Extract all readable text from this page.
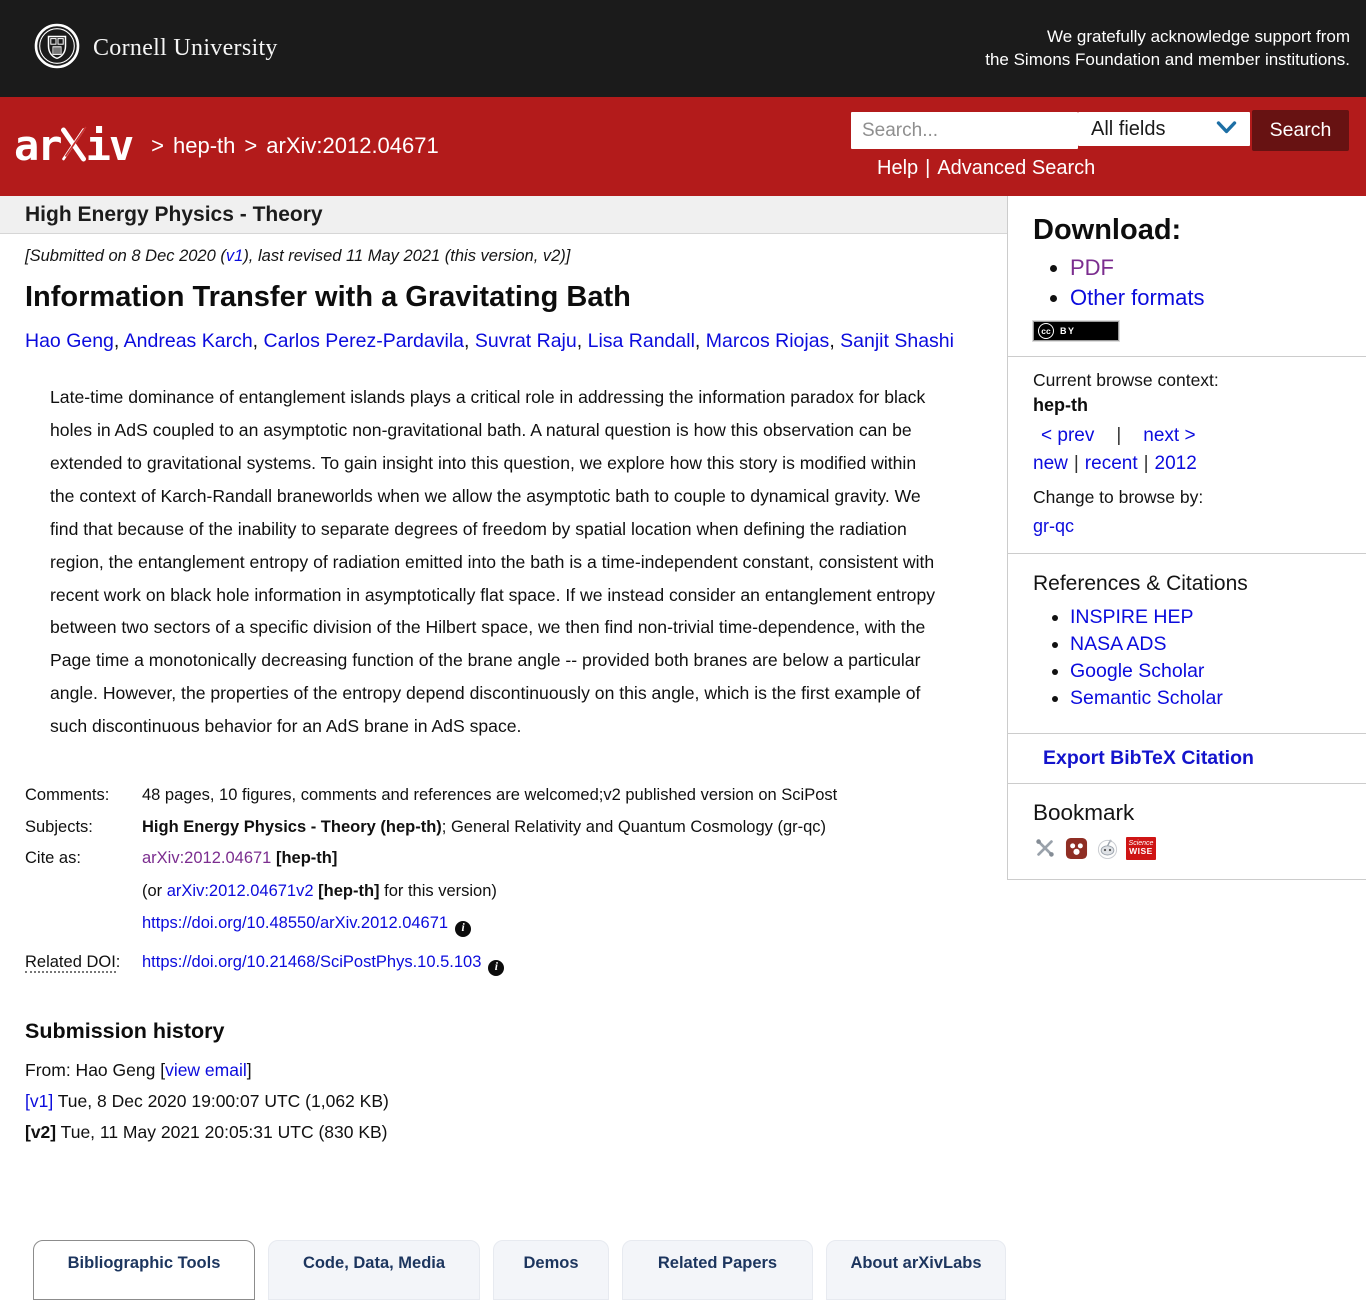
Cornell University	We gratefully acknowledge support from
the Simons Foundation and member institutions.
ar iv > hep-th > arXiv:2012.04671
Search...
All fields	Search
Help | Advanced Search
High Energy Physics - Theory
[Submitted on 8 Dec 2020 (v1), last revised 11 May 2021 (this version, v2)]
Information Transfer with a Gravitating Bath
Hao Geng, Andreas Karch, Carlos Perez-Pardavila, Suvrat Raju, Lisa Randall, Marcos Riojas, Sanjit Shashi
Late-time dominance of entanglement islands plays a critical role in addressing the information paradox for black holes in AdS coupled to an asymptotic non-gravitational bath. A natural question is how this observation can be extended to gravitational systems. To gain insight into this question, we explore how this story is modified within the context of Karch-Randall braneworlds when we allow the asymptotic bath to couple to dynamical gravity. We find that because of the inability to separate degrees of freedom by spatial location when defining the radiation region, the entanglement entropy of radiation emitted into the bath is a time-independent constant, consistent with recent work on black hole information in asymptotically flat space. If we instead consider an entanglement entropy between two sectors of a specific division of the Hilbert space, we then find non-trivial time-dependence, with the Page time a monotonically decreasing function of the brane angle -- provided both branes are below a particular angle. However, the properties of the entropy depend discontinuously on this angle, which is the first example of such discontinuous behavior for an AdS brane in AdS space.
Comments:	48 pages, 10 figures, comments and references are welcomed;v2 published version on SciPost
Subjects:	High Energy Physics - Theory (hep-th); General Relativity and Quantum Cosmology (gr-qc)
Cite as:	arXiv:2012.04671 [hep-th]
(or arXiv:2012.04671v2 [hep-th] for this version)
https://doi.org/10.48550/arXiv.2012.04671 i

Related DOI:	https://doi.org/10.21468/SciPostPhys.10.5.103 i
Submission history
From: Hao Geng [view email]
[v1] Tue, 8 Dec 2020 19:00:07 UTC (1,062 KB)
[v2] Tue, 11 May 2021 20:05:31 UTC (830 KB)
Download:
• PDF
• Other formats
cc	BY
Current browse context:
hep-th
< prev | next >
new | recent | 2012
Change to browse by:
gr-qc
References & Citations
• INSPIRE HEP
• NASA ADS
• Google Scholar
• Semantic Scholar
Export BibTeX Citation
Bookmark
Science
WISE
Bibliographic Tools	Code, Data, Media	Demos	Related Papers	About arXivLabs
